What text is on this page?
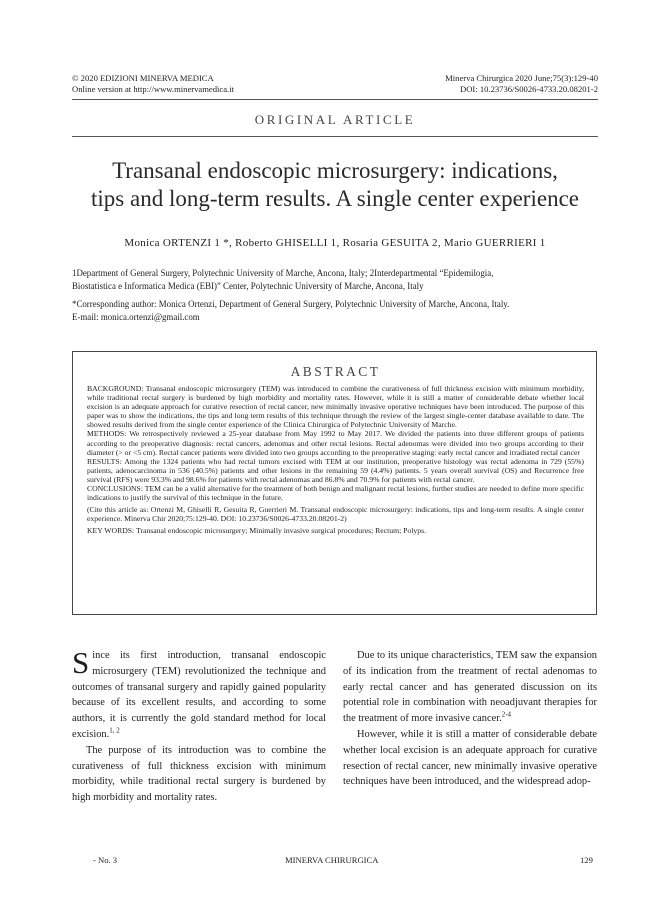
© 2020 EDIZIONI MINERVA MEDICA
Online version at http://www.minervamedica.it
Minerva Chirurgica 2020 June;75(3):129-40
DOI: 10.23736/S0026-4733.20.08201-2
ORIGINAL ARTICLE
Transanal endoscopic microsurgery: indications,
tips and long-term results. A single center experience
Monica ORTENZI 1 *, Roberto GHISELLI 1, Rosaria GESUITA 2, Mario GUERRIERI 1
1Department of General Surgery, Polytechnic University of Marche, Ancona, Italy; 2Interdepartmental “Epidemilogia,
Biostatistica e Informatica Medica (EBI)” Center, Polytechnic University of Marche, Ancona, Italy
*Corresponding author: Monica Ortenzi, Department of General Surgery, Polytechnic University of Marche, Ancona, Italy.
E-mail: monica.ortenzi@gmail.com
ABSTRACT

BACKGROUND: Transanal endoscopic microsurgery (TEM) was introduced to combine the curativeness of full thickness excision with minimum morbidity, while traditional rectal surgery is burdened by high morbidity and mortality rates. However, while it is still a matter of considerable debate whether local excision is an adequate approach for curative resection of rectal cancer, new minimally invasive operative techniques have been introduced. The purpose of this paper was to show the indications, the tips and long term results of this technique through the review of the largest single-center database available to date. The showed results derived from the single center experience of the Clinica Chirurgica of Polytechnic University of Marche.

METHODS: We retrospectively reviewed a 25-year database from May 1992 to May 2017. We divided the patients into three different groups of patients according to the preoperative diagnosis: rectal cancers, adenomas and other rectal lesions. Rectal adenomas were divided into two groups according to their diameter (> or <5 cm). Rectal cancer patients were divided into two groups according to the preoperative staging: early rectal cancer and irradiated rectal cancer

RESULTS: Among the 1324 patients who had rectal tumors excised with TEM at our institution, preoperative histology was rectal adenoma in 729 (55%) patients, adenocarcinoma in 536 (40.5%) patients and other lesions in the remaining 59 (4.4%) patients. 5 years overall survival (OS) and Recurrence free survival (RFS) were 93.3% and 98.6% for patients with rectal adenomas and 86.8% and 70.9% for patients with rectal cancer.

CONCLUSIONS: TEM can be a valid alternative for the treatment of both benign and malignant rectal lesions, further studies are needed to define more specific indications to justify the survival of this technique in the future.

(Cite this article as: Ortenzi M, Ghiselli R, Gesuita R, Guerrieri M. Transanal endoscopic microsurgery: indications, tips and long-term results. A single center experience. Minerva Chir 2020;75:129-40. DOI: 10.23736/S0026-4733.20.08201-2)

KEY WORDS: Transanal endoscopic microsurgery; Minimally invasive surgical procedures; Rectum; Polyps.

Since its first introduction, transanal endoscopic microsurgery (TEM) revolutionized the technique and outcomes of transanal surgery and rapidly gained popularity because of its excellent results, and according to some authors, it is currently the gold standard method for local excision.$^{1, 2}$

The purpose of its introduction was to combine the curativeness of full thickness excision with minimum morbidity, while traditional rectal surgery is burdened by high morbidity and mortality rates.

Due to its unique characteristics, TEM saw the expansion of its indication from the treatment of rectal adenomas to early rectal cancer and has generated discussion on its potential role in combination with neoadjuvant therapies for the treatment of more invasive cancer.$^{2-4}$

However, while it is still a matter of considerable debate whether local excision is an adequate approach for curative resection of rectal cancer, new minimally invasive operative techniques have been introduced, and the widespread adop-

- No. 3	MINERVA CHIRURGICA	129
